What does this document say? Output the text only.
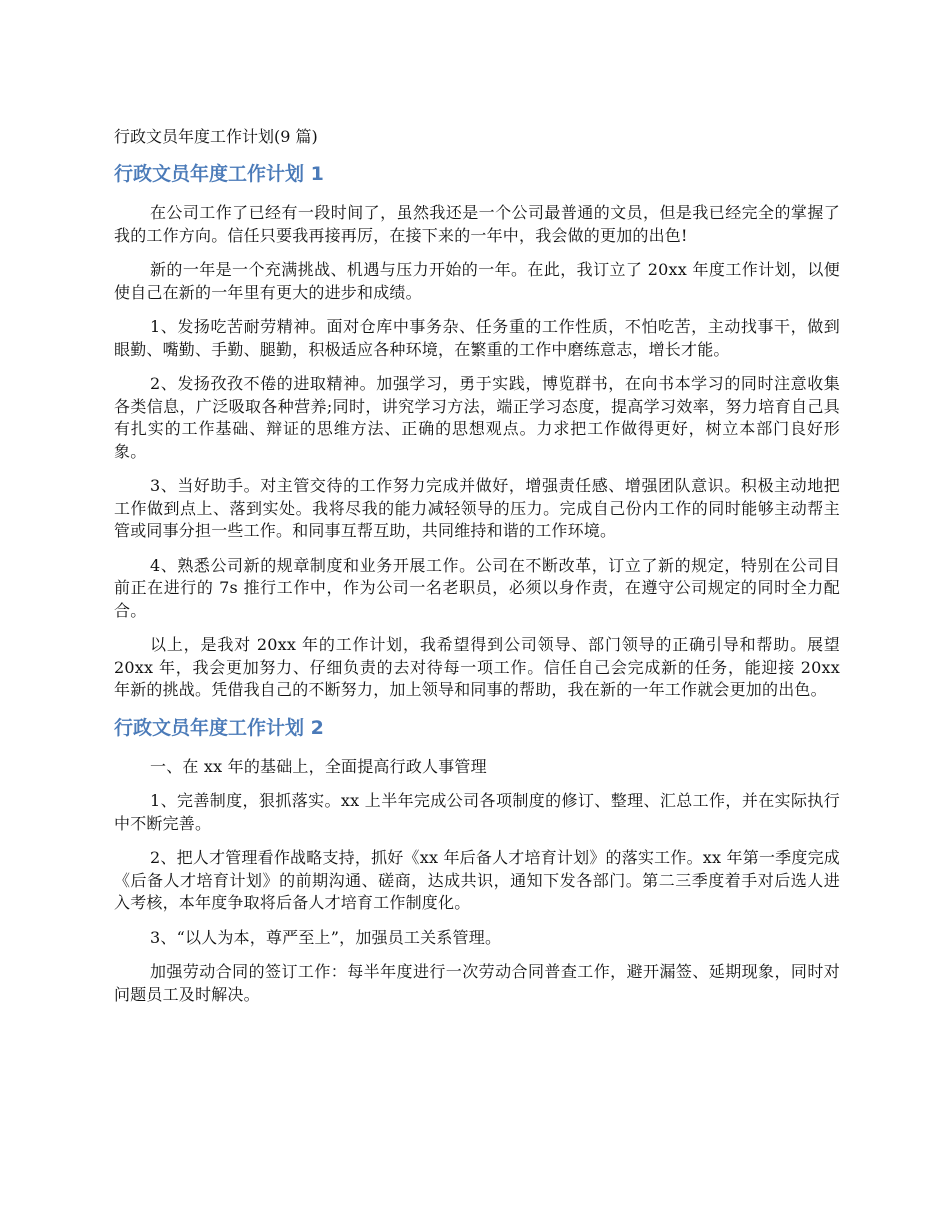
行政文员年度工作计划(9 篇)
行政文员年度工作计划 1

在公司工作了已经有一段时间了，虽然我还是一个公司最普通的文员，但是我已经完全的掌握了我的工作方向。信任只要我再接再厉，在接下来的一年中，我会做的更加的出色!

新的一年是一个充满挑战、机遇与压力开始的一年。在此，我订立了 20xx 年度工作计划，以便使自己在新的一年里有更大的进步和成绩。

1、发扬吃苦耐劳精神。面对仓库中事务杂、任务重的工作性质，不怕吃苦，主动找事干，做到眼勤、嘴勤、手勤、腿勤，积极适应各种环境，在繁重的工作中磨练意志，增长才能。

2、发扬孜孜不倦的进取精神。加强学习，勇于实践，博览群书，在向书本学习的同时注意收集各类信息，广泛吸取各种营养;同时，讲究学习方法，端正学习态度，提高学习效率，努力培育自己具有扎实的工作基础、辩证的思维方法、正确的思想观点。力求把工作做得更好，树立本部门良好形象。

3、当好助手。对主管交待的工作努力完成并做好，增强责任感、增强团队意识。积极主动地把工作做到点上、落到实处。我将尽我的能力减轻领导的压力。完成自己份内工作的同时能够主动帮主管或同事分担一些工作。和同事互帮互助，共同维持和谐的工作环境。

4、熟悉公司新的规章制度和业务开展工作。公司在不断改革，订立了新的规定，特别在公司目前正在进行的 7s 推行工作中，作为公司一名老职员，必须以身作责，在遵守公司规定的同时全力配合。

以上，是我对 20xx 年的工作计划，我希望得到公司领导、部门领导的正确引导和帮助。展望 20xx 年，我会更加努力、仔细负责的去对待每一项工作。信任自己会完成新的任务，能迎接 20xx 年新的挑战。凭借我自己的不断努力，加上领导和同事的帮助，我在新的一年工作就会更加的出色。

行政文员年度工作计划 2

一、在 xx 年的基础上，全面提高行政人事管理

1、完善制度，狠抓落实。xx 上半年完成公司各项制度的修订、整理、汇总工作，并在实际执行中不断完善。

2、把人才管理看作战略支持，抓好《xx 年后备人才培育计划》的落实工作。xx 年第一季度完成《后备人才培育计划》的前期沟通、磋商，达成共识，通知下发各部门。第二三季度着手对后选人进入考核，本年度争取将后备人才培育工作制度化。

3、“以人为本，尊严至上”，加强员工关系管理。

加强劳动合同的签订工作：每半年度进行一次劳动合同普查工作，避开漏签、延期现象，同时对问题员工及时解决。
